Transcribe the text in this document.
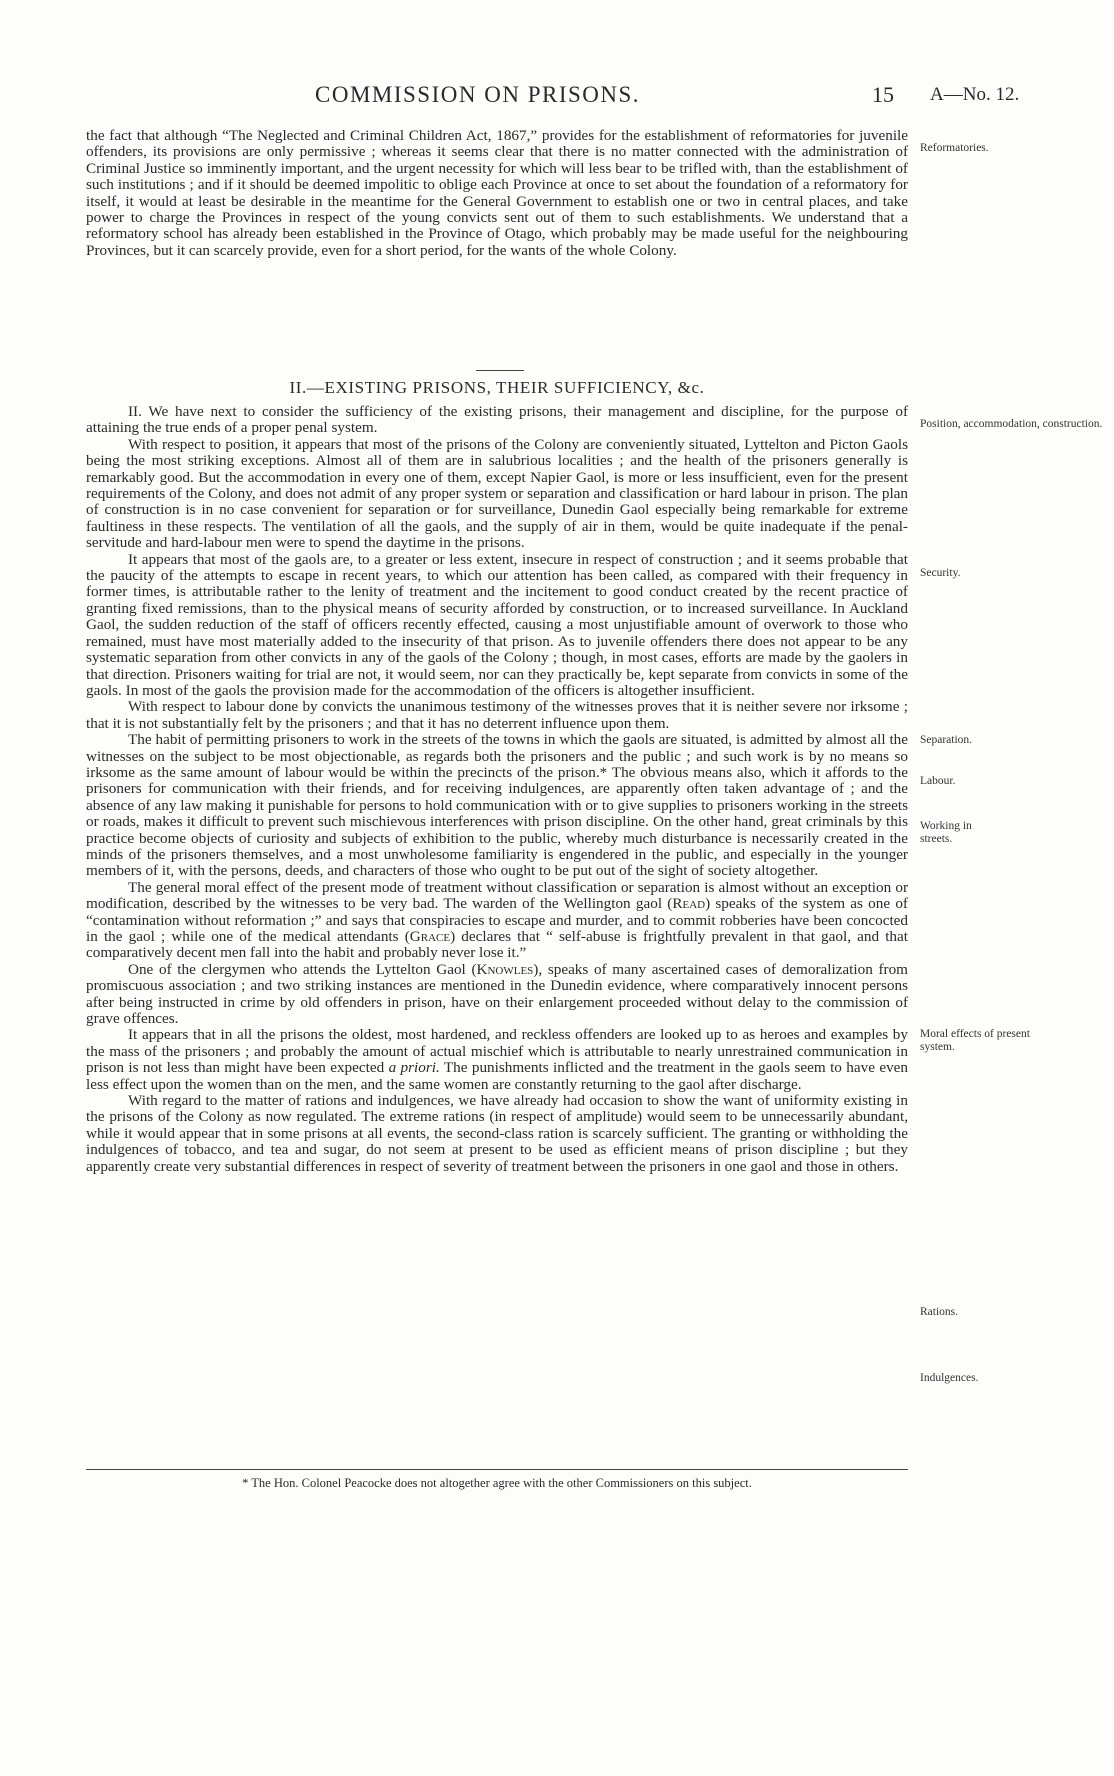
COMMISSION ON PRISONS.	15 A—No. 12.

the fact that although “The Neglected and Criminal Children Act, 1867,” provides for the establishment of reformatories for juvenile offenders, its provisions are only permissive ; whereas it seems clear that there is no matter connected with the administration of Criminal Justice so imminently important, and the urgent necessity for which will less bear to be trifled with, than the establishment of such institutions ; and if it should be deemed impolitic to oblige each Province at once to set about the foundation of a reformatory for itself, it would at least be desirable in the meantime for the General Government to establish one or two in central places, and take power to charge the Provinces in respect of the young convicts sent out of them to such establishments. We understand that a reformatory school has already been established in the Province of Otago, which probably may be made useful for the neighbouring Provinces, but it can scarcely provide, even for a short period, for the wants of the whole Colony.

II.—EXISTING PRISONS, THEIR SUFFICIENCY, &c.

II. We have next to consider the sufficiency of the existing prisons, their management and discipline, for the purpose of attaining the true ends of a proper penal system.

With respect to position, it appears that most of the prisons of the Colony are conveniently situated, Lyttelton and Picton Gaols being the most striking exceptions. Almost all of them are in salubrious localities ; and the health of the prisoners generally is remarkably good. But the accommodation in every one of them, except Napier Gaol, is more or less insufficient, even for the present requirements of the Colony, and does not admit of any proper system or separation and classification or hard labour in prison. The plan of construction is in no case convenient for separation or for surveillance, Dunedin Gaol especially being remarkable for extreme faultiness in these respects. The ventilation of all the gaols, and the supply of air in them, would be quite inadequate if the penal-servitude and hard-labour men were to spend the daytime in the prisons.

It appears that most of the gaols are, to a greater or less extent, insecure in respect of construction ; and it seems probable that the paucity of the attempts to escape in recent years, to which our attention has been called, as compared with their frequency in former times, is attributable rather to the lenity of treatment and the incitement to good conduct created by the recent practice of granting fixed remissions, than to the physical means of security afforded by construction, or to increased surveillance. In Auckland Gaol, the sudden reduction of the staff of officers recently effected, causing a most unjustifiable amount of overwork to those who remained, must have most materially added to the insecurity of that prison. As to juvenile offenders there does not appear to be any systematic separation from other convicts in any of the gaols of the Colony ; though, in most cases, efforts are made by the gaolers in that direction. Prisoners waiting for trial are not, it would seem, nor can they practically be, kept separate from convicts in some of the gaols. In most of the gaols the provision made for the accommodation of the officers is altogether insufficient.

With respect to labour done by convicts the unanimous testimony of the witnesses proves that it is neither severe nor irksome ; that it is not substantially felt by the prisoners ; and that it has no deterrent influence upon them.

The habit of permitting prisoners to work in the streets of the towns in which the gaols are situated, is admitted by almost all the witnesses on the subject to be most objectionable, as regards both the prisoners and the public ; and such work is by no means so irksome as the same amount of labour would be within the precincts of the prison.* The obvious means also, which it affords to the prisoners for communication with their friends, and for receiving indulgences, are apparently often taken advantage of ; and the absence of any law making it punishable for persons to hold communication with or to give supplies to prisoners working in the streets or roads, makes it difficult to prevent such mischievous interferences with prison discipline. On the other hand, great criminals by this practice become objects of curiosity and subjects of exhibition to the public, whereby much disturbance is necessarily created in the minds of the prisoners themselves, and a most unwholesome familiarity is engendered in the public, and especially in the younger members of it, with the persons, deeds, and characters of those who ought to be put out of the sight of society altogether.

The general moral effect of the present mode of treatment without classification or separation is almost without an exception or modification, described by the witnesses to be very bad. The warden of the Wellington gaol (Read) speaks of the system as one of “contamination without reformation ;” and says that conspiracies to escape and murder, and to commit robberies have been concocted in the gaol ; while one of the medical attendants (Grace) declares that “ self-abuse is frightfully prevalent in that gaol, and that comparatively decent men fall into the habit and probably never lose it.”

One of the clergymen who attends the Lyttelton Gaol (Knowles), speaks of many ascertained cases of demoralization from promiscuous association ; and two striking instances are mentioned in the Dunedin evidence, where comparatively innocent persons after being instructed in crime by old offenders in prison, have on their enlargement proceeded without delay to the commission of grave offences.

It appears that in all the prisons the oldest, most hardened, and reckless offenders are looked up to as heroes and examples by the mass of the prisoners ; and probably the amount of actual mischief which is attributable to nearly unrestrained communication in prison is not less than might have been expected a priori. The punishments inflicted and the treatment in the gaols seem to have even less effect upon the women than on the men, and the same women are constantly returning to the gaol after discharge.

With regard to the matter of rations and indulgences, we have already had occasion to show the want of uniformity existing in the prisons of the Colony as now regulated. The extreme rations (in respect of amplitude) would seem to be unnecessarily abundant, while it would appear that in some prisons at all events, the second-class ration is scarcely sufficient. The granting or withholding the indulgences of tobacco, and tea and sugar, do not seem at present to be used as efficient means of prison discipline ; but they apparently create very substantial differences in respect of severity of treatment between the prisoners in one gaol and those in others.

Reformatories.
Position, accommodation, construction.
Security.
Separation.
Labour.
Working in streets.
Moral effects of present system.
Rations.
Indulgences.
* The Hon. Colonel Peacocke does not altogether agree with the other Commissioners on this subject.
